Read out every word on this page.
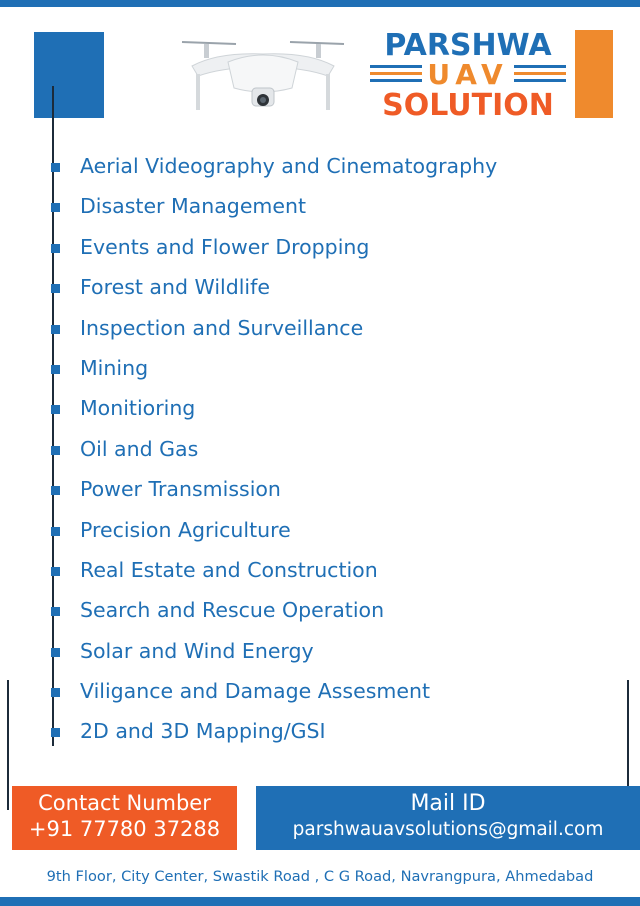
PARSHWA
UAV
SOLUTION
Aerial Videography and Cinematography
Disaster Management
Events and Flower Dropping
Forest and Wildlife
Inspection and Surveillance
Mining
Monitioring
Oil and Gas
Power Transmission
Precision Agriculture
Real Estate and Construction
Search and Rescue Operation
Solar and Wind Energy
Viligance and Damage Assesment
2D and 3D Mapping/GSI
Contact Number
+91 77780 37288
Mail ID
parshwauavsolutions@gmail.com
9th Floor, City Center, Swastik Road , C G Road, Navrangpura, Ahmedabad
